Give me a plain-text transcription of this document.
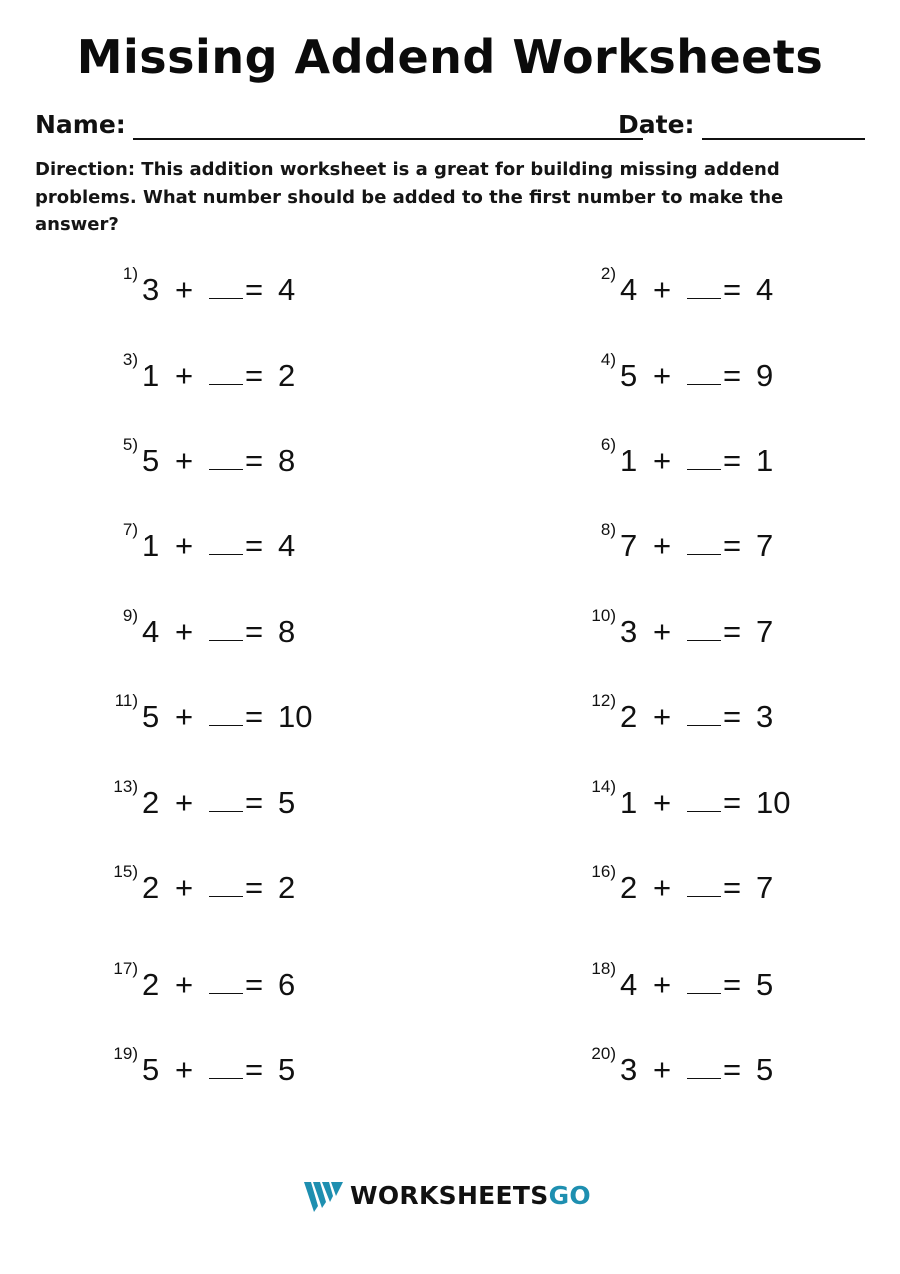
Missing Addend Worksheets
Name:	Date:
Direction: This addition worksheet is a great for building missing addend problems. What number should be added to the first number to make the answer?
1) 3 + = 4	2) 4 + = 4
3) 1 + = 2	4) 5 + = 9
5) 5 + = 8	6) 1 + = 1
7) 1 + = 4	8) 7 + = 7
9) 4 + = 8	10) 3 + = 7
11) 5 + = 10	12) 2 + = 3
13) 2 + = 5	14) 1 + = 10
15) 2 + = 2	16) 2 + = 7
17) 2 + = 6	18) 4 + = 5
19) 5 + = 5	20) 3 + = 5
WORKSHEETSGO
